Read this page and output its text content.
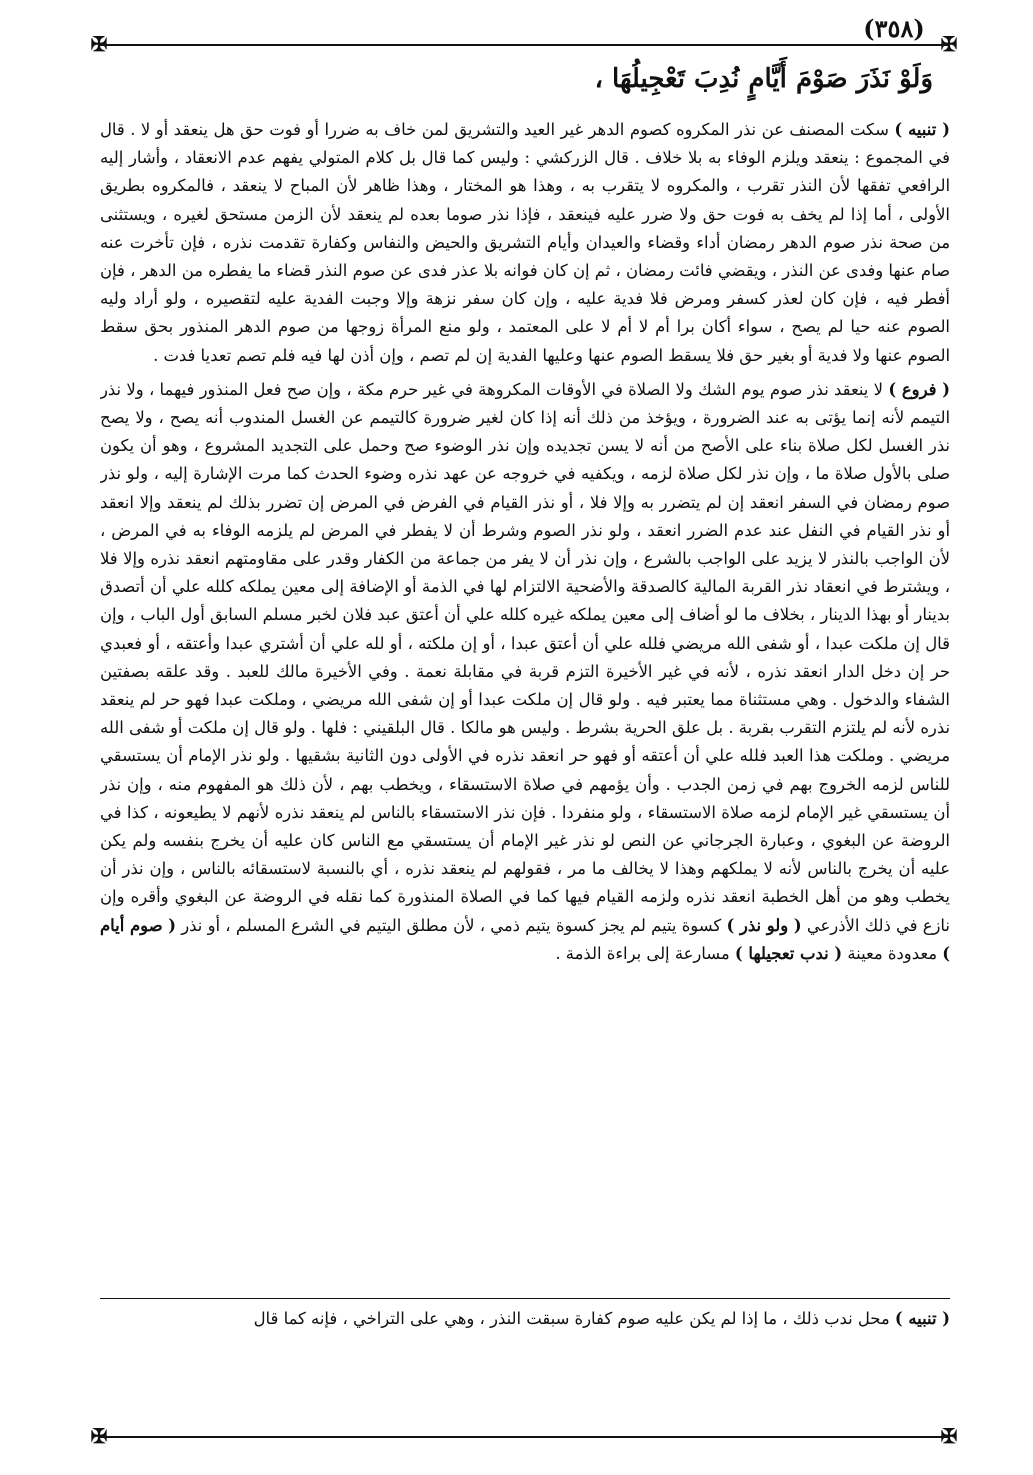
(٣٥٨)
✠	✠
وَلَوْ نَذَرَ صَوْمَ أَيَّامٍ نُدِبَ تَعْجِيلُهَا ،

( تنبيه ) سكت المصنف عن نذر المكروه كصوم الدهر غير العيد والتشريق لمن خاف به ضررا أو فوت حق هل ينعقد أو لا . قال في المجموع : ينعقد ويلزم الوفاء به بلا خلاف . قال الزركشي : وليس كما قال بل كلام المتولي يفهم عدم الانعقاد ، وأشار إليه الرافعي تفقها لأن النذر تقرب ، والمكروه لا يتقرب به ، وهذا هو المختار ، وهذا ظاهر لأن المباح لا ينعقد ، فالمكروه بطريق الأولى ، أما إذا لم يخف به فوت حق ولا ضرر عليه فينعقد ، فإذا نذر صوما بعده لم ينعقد لأن الزمن مستحق لغيره ، ويستثنى من صحة نذر صوم الدهر رمضان أداء وقضاء والعيدان وأيام التشريق والحيض والنفاس وكفارة تقدمت نذره ، فإن تأخرت عنه صام عنها وفدى عن النذر ، ويقضي فائت رمضان ، ثم إن كان فوانه بلا عذر فدى عن صوم النذر قضاء ما يفطره من الدهر ، فإن أفطر فيه ، فإن كان لعذر كسفر ومرض فلا فدية عليه ، وإن كان سفر نزهة وإلا وجبت الفدية عليه لتقصيره ، ولو أراد وليه الصوم عنه حيا لم يصح ، سواء أكان برا أم لا أم لا على المعتمد ، ولو منع المرأة زوجها من صوم الدهر المنذور بحق سقط الصوم عنها ولا فدية أو بغير حق فلا يسقط الصوم عنها وعليها الفدية إن لم تصم ، وإن أذن لها فيه فلم تصم تعديا فدت .

( فروع ) لا ينعقد نذر صوم يوم الشك ولا الصلاة في الأوقات المكروهة في غير حرم مكة ، وإن صح فعل المنذور فيهما ، ولا نذر التيمم لأنه إنما يؤتى به عند الضرورة ، ويؤخذ من ذلك أنه إذا كان لغير ضرورة كالتيمم عن الغسل المندوب أنه يصح ، ولا يصح نذر الغسل لكل صلاة بناء على الأصح من أنه لا يسن تجديده وإن نذر الوضوء صح وحمل على التجديد المشروع ، وهو أن يكون صلى بالأول صلاة ما ، وإن نذر لكل صلاة لزمه ، ويكفيه في خروجه عن عهد نذره وضوء الحدث كما مرت الإشارة إليه ، ولو نذر صوم رمضان في السفر انعقد إن لم يتضرر به وإلا فلا ، أو نذر القيام في الفرض في المرض إن تضرر بذلك لم ينعقد وإلا انعقد أو نذر القيام في النفل عند عدم الضرر انعقد ، ولو نذر الصوم وشرط أن لا يفطر في المرض لم يلزمه الوفاء به في المرض ، لأن الواجب بالنذر لا يزيد على الواجب بالشرع ، وإن نذر أن لا يفر من جماعة من الكفار وقدر على مقاومتهم انعقد نذره وإلا فلا ، ويشترط في انعقاد نذر القربة المالية كالصدقة والأضحية الالتزام لها في الذمة أو الإضافة إلى معين يملكه كلله علي أن أتصدق بدينار أو بهذا الدينار ، بخلاف ما لو أضاف إلى معين يملكه غيره كلله علي أن أعتق عبد فلان لخبر مسلم السابق أول الباب ، وإن قال إن ملكت عبدا ، أو شفى الله مريضي فلله علي أن أعتق عبدا ، أو إن ملكته ، أو لله علي أن أشتري عبدا وأعتقه ، أو فعبدي حر إن دخل الدار انعقد نذره ، لأنه في غير الأخيرة التزم قربة في مقابلة نعمة . وفي الأخيرة مالك للعبد . وقد علقه بصفتين الشفاء والدخول . وهي مستثناة مما يعتبر فيه . ولو قال إن ملكت عبدا أو إن شفى الله مريضي ، وملكت عبدا فهو حر لم ينعقد نذره لأنه لم يلتزم التقرب بقربة . بل علق الحرية بشرط . وليس هو مالكا . قال البلقيني : فلها . ولو قال إن ملكت أو شفى الله مريضي . وملكت هذا العبد فلله علي أن أعتقه أو فهو حر انعقد نذره في الأولى دون الثانية بشقيها . ولو نذر الإمام أن يستسقي للناس لزمه الخروج بهم في زمن الجدب . وأن يؤمهم في صلاة الاستسقاء ، ويخطب بهم ، لأن ذلك هو المفهوم منه ، وإن نذر أن يستسقي غير الإمام لزمه صلاة الاستسقاء ، ولو منفردا . فإن نذر الاستسقاء بالناس لم ينعقد نذره لأنهم لا يطيعونه ، كذا في الروضة عن البغوي ، وعبارة الجرجاني عن النص لو نذر غير الإمام أن يستسقي مع الناس كان عليه أن يخرج بنفسه ولم يكن عليه أن يخرج بالناس لأنه لا يملكهم وهذا لا يخالف ما مر ، فقولهم لم ينعقد نذره ، أي بالنسبة لاستسقائه بالناس ، وإن نذر أن يخطب وهو من أهل الخطبة انعقد نذره ولزمه القيام فيها كما في الصلاة المنذورة كما نقله في الروضة عن البغوي وأقره وإن نازع في ذلك الأذرعي ( ولو نذر ) كسوة يتيم لم يجز كسوة يتيم ذمي ، لأن مطلق اليتيم في الشرع المسلم ، أو نذر ( صوم أيام ) معدودة معينة ( ندب تعجيلها ) مسارعة إلى براءة الذمة .

( تنبيه ) محل ندب ذلك ، ما إذا لم يكن عليه صوم كفارة سبقت النذر ، وهي على التراخي ، فإنه كما قال
✠	✠
